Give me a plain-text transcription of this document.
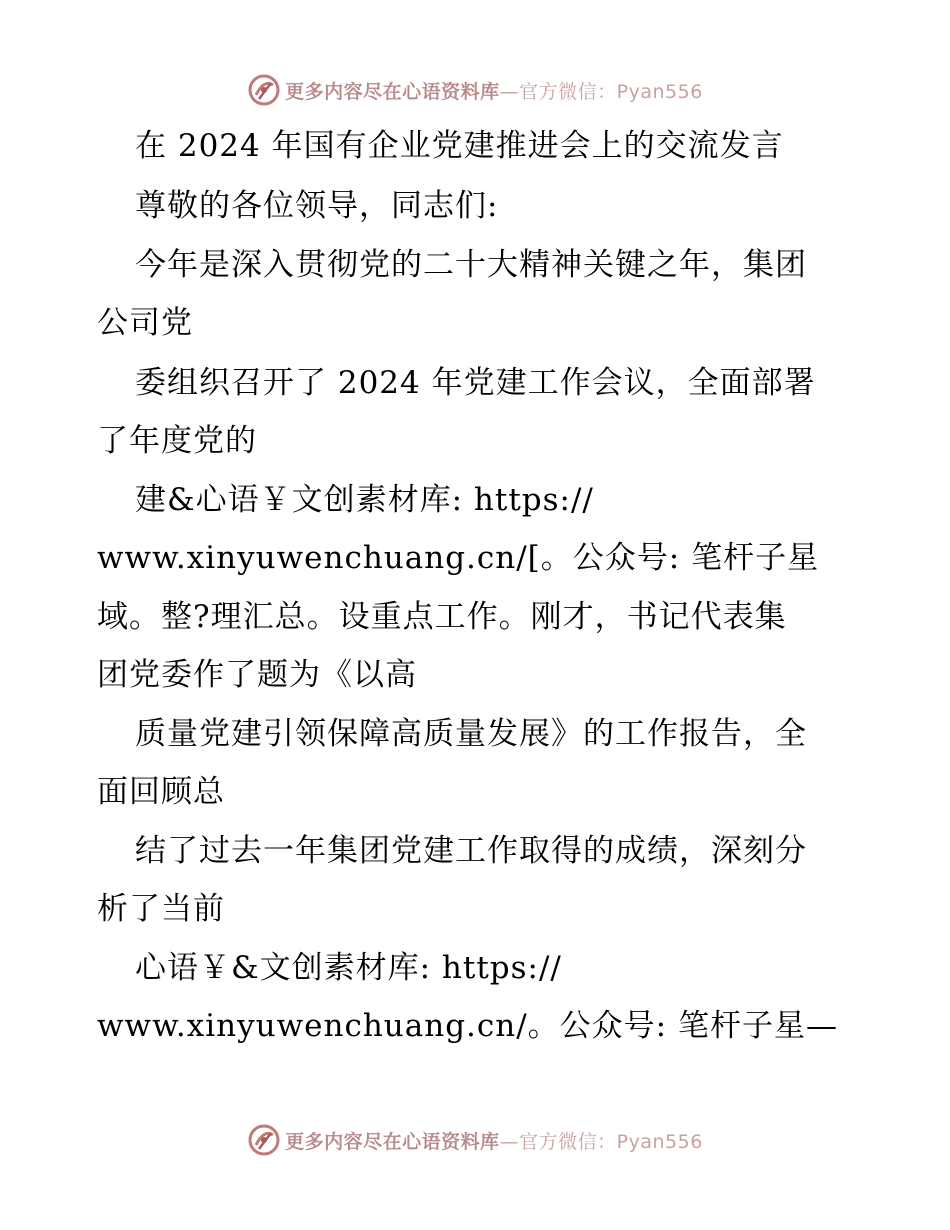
更多内容尽在心语资料库—官方微信：Pyan556
在 2024 年国有企业党建推进会上的交流发言
尊敬的各位领导，同志们:
今年是深入贯彻党的二十大精神关键之年，集团
公司党
委组织召开了 2024 年党建工作会议，全面部署
了年度党的
建&心语￥文创素材库: https://
www.xinyuwenchuang.cn/[。公众号: 笔杆子星
域。整?理汇总。设重点工作。刚才，书记代表集
团党委作了题为《以高
质量党建引领保障高质量发展》的工作报告，全
面回顾总
结了过去一年集团党建工作取得的成绩，深刻分
析了当前
心语￥&文创素材库: https://
www.xinyuwenchuang.cn/。公众号: 笔杆子星—
更多内容尽在心语资料库—官方微信：Pyan556
